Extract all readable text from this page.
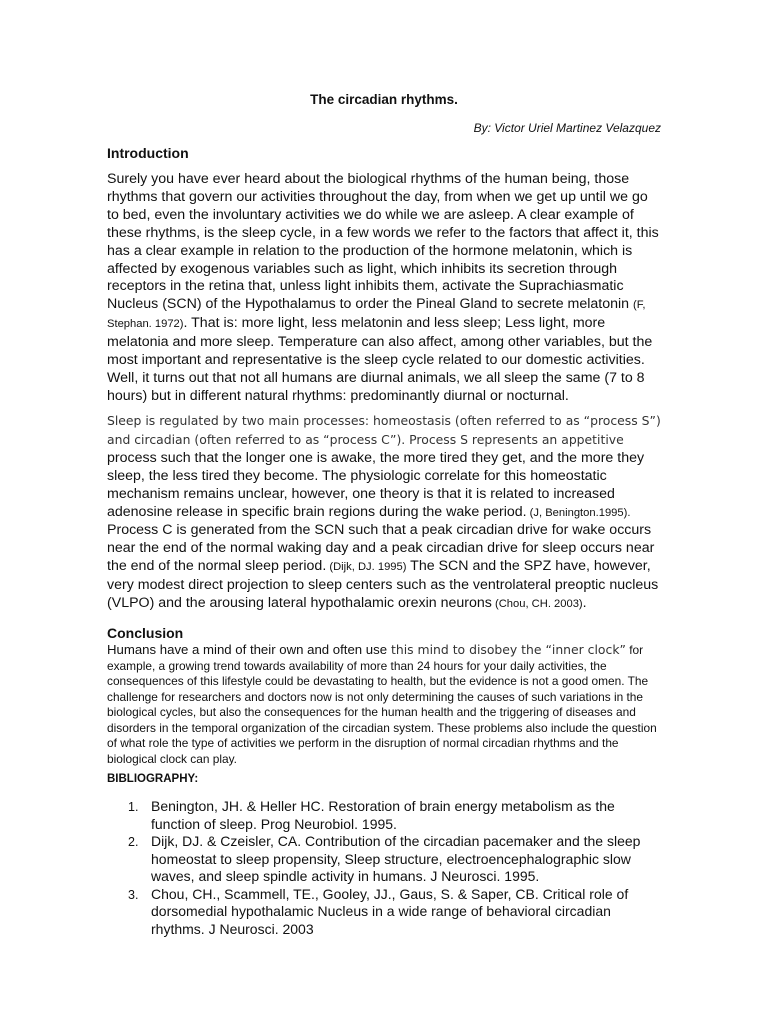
The circadian rhythms.

By: Victor Uriel Martinez Velazquez

Introduction

Surely you have ever heard about the biological rhythms of the human being, those rhythms that govern our activities throughout the day, from when we get up until we go to bed, even the involuntary activities we do while we are asleep. A clear example of these rhythms, is the sleep cycle, in a few words we refer to the factors that affect it, this has a clear example in relation to the production of the hormone melatonin, which is affected by exogenous variables such as light, which inhibits its secretion through receptors in the retina that, unless light inhibits them, activate the Suprachiasmatic Nucleus (SCN) of the Hypothalamus to order the Pineal Gland to secrete melatonin (F, Stephan. 1972). That is: more light, less melatonin and less sleep; Less light, more melatonia and more sleep. Temperature can also affect, among other variables, but the most important and representative is the sleep cycle related to our domestic activities. Well, it turns out that not all humans are diurnal animals, we all sleep the same (7 to 8 hours) but in different natural rhythms: predominantly diurnal or nocturnal.

Sleep is regulated by two main processes: homeostasis (often referred to as “process S”) and circadian (often referred to as “process C”). Process S represents an appetitive process such that the longer one is awake, the more tired they get, and the more they sleep, the less tired they become. The physiologic correlate for this homeostatic mechanism remains unclear, however, one theory is that it is related to increased adenosine release in specific brain regions during the wake period. (J, Benington.1995). Process C is generated from the SCN such that a peak circadian drive for wake occurs near the end of the normal waking day and a peak circadian drive for sleep occurs near the end of the normal sleep period. (Dijk, DJ. 1995) The SCN and the SPZ have, however, very modest direct projection to sleep centers such as the ventrolateral preoptic nucleus (VLPO) and the arousing lateral hypothalamic orexin neurons (Chou, CH. 2003).

Conclusion

Humans have a mind of their own and often use this mind to disobey the “inner clock” for example, a growing trend towards availability of more than 24 hours for your daily activities, the consequences of this lifestyle could be devastating to health, but the evidence is not a good omen. The challenge for researchers and doctors now is not only determining the causes of such variations in the biological cycles, but also the consequences for the human health and the triggering of diseases and disorders in the temporal organization of the circadian system. These problems also include the question of what role the type of activities we perform in the disruption of normal circadian rhythms and the biological clock can play.

BIBLIOGRAPHY:
1. Benington, JH. & Heller HC. Restoration of brain energy metabolism as the function of sleep. Prog Neurobiol. 1995.
2. Dijk, DJ. & Czeisler, CA. Contribution of the circadian pacemaker and the sleep homeostat to sleep propensity, Sleep structure, electroencephalographic slow waves, and sleep spindle activity in humans. J Neurosci. 1995.
3. Chou, CH., Scammell, TE., Gooley, JJ., Gaus, S. & Saper, CB. Critical role of dorsomedial hypothalamic Nucleus in a wide range of behavioral circadian rhythms. J Neurosci. 2003
